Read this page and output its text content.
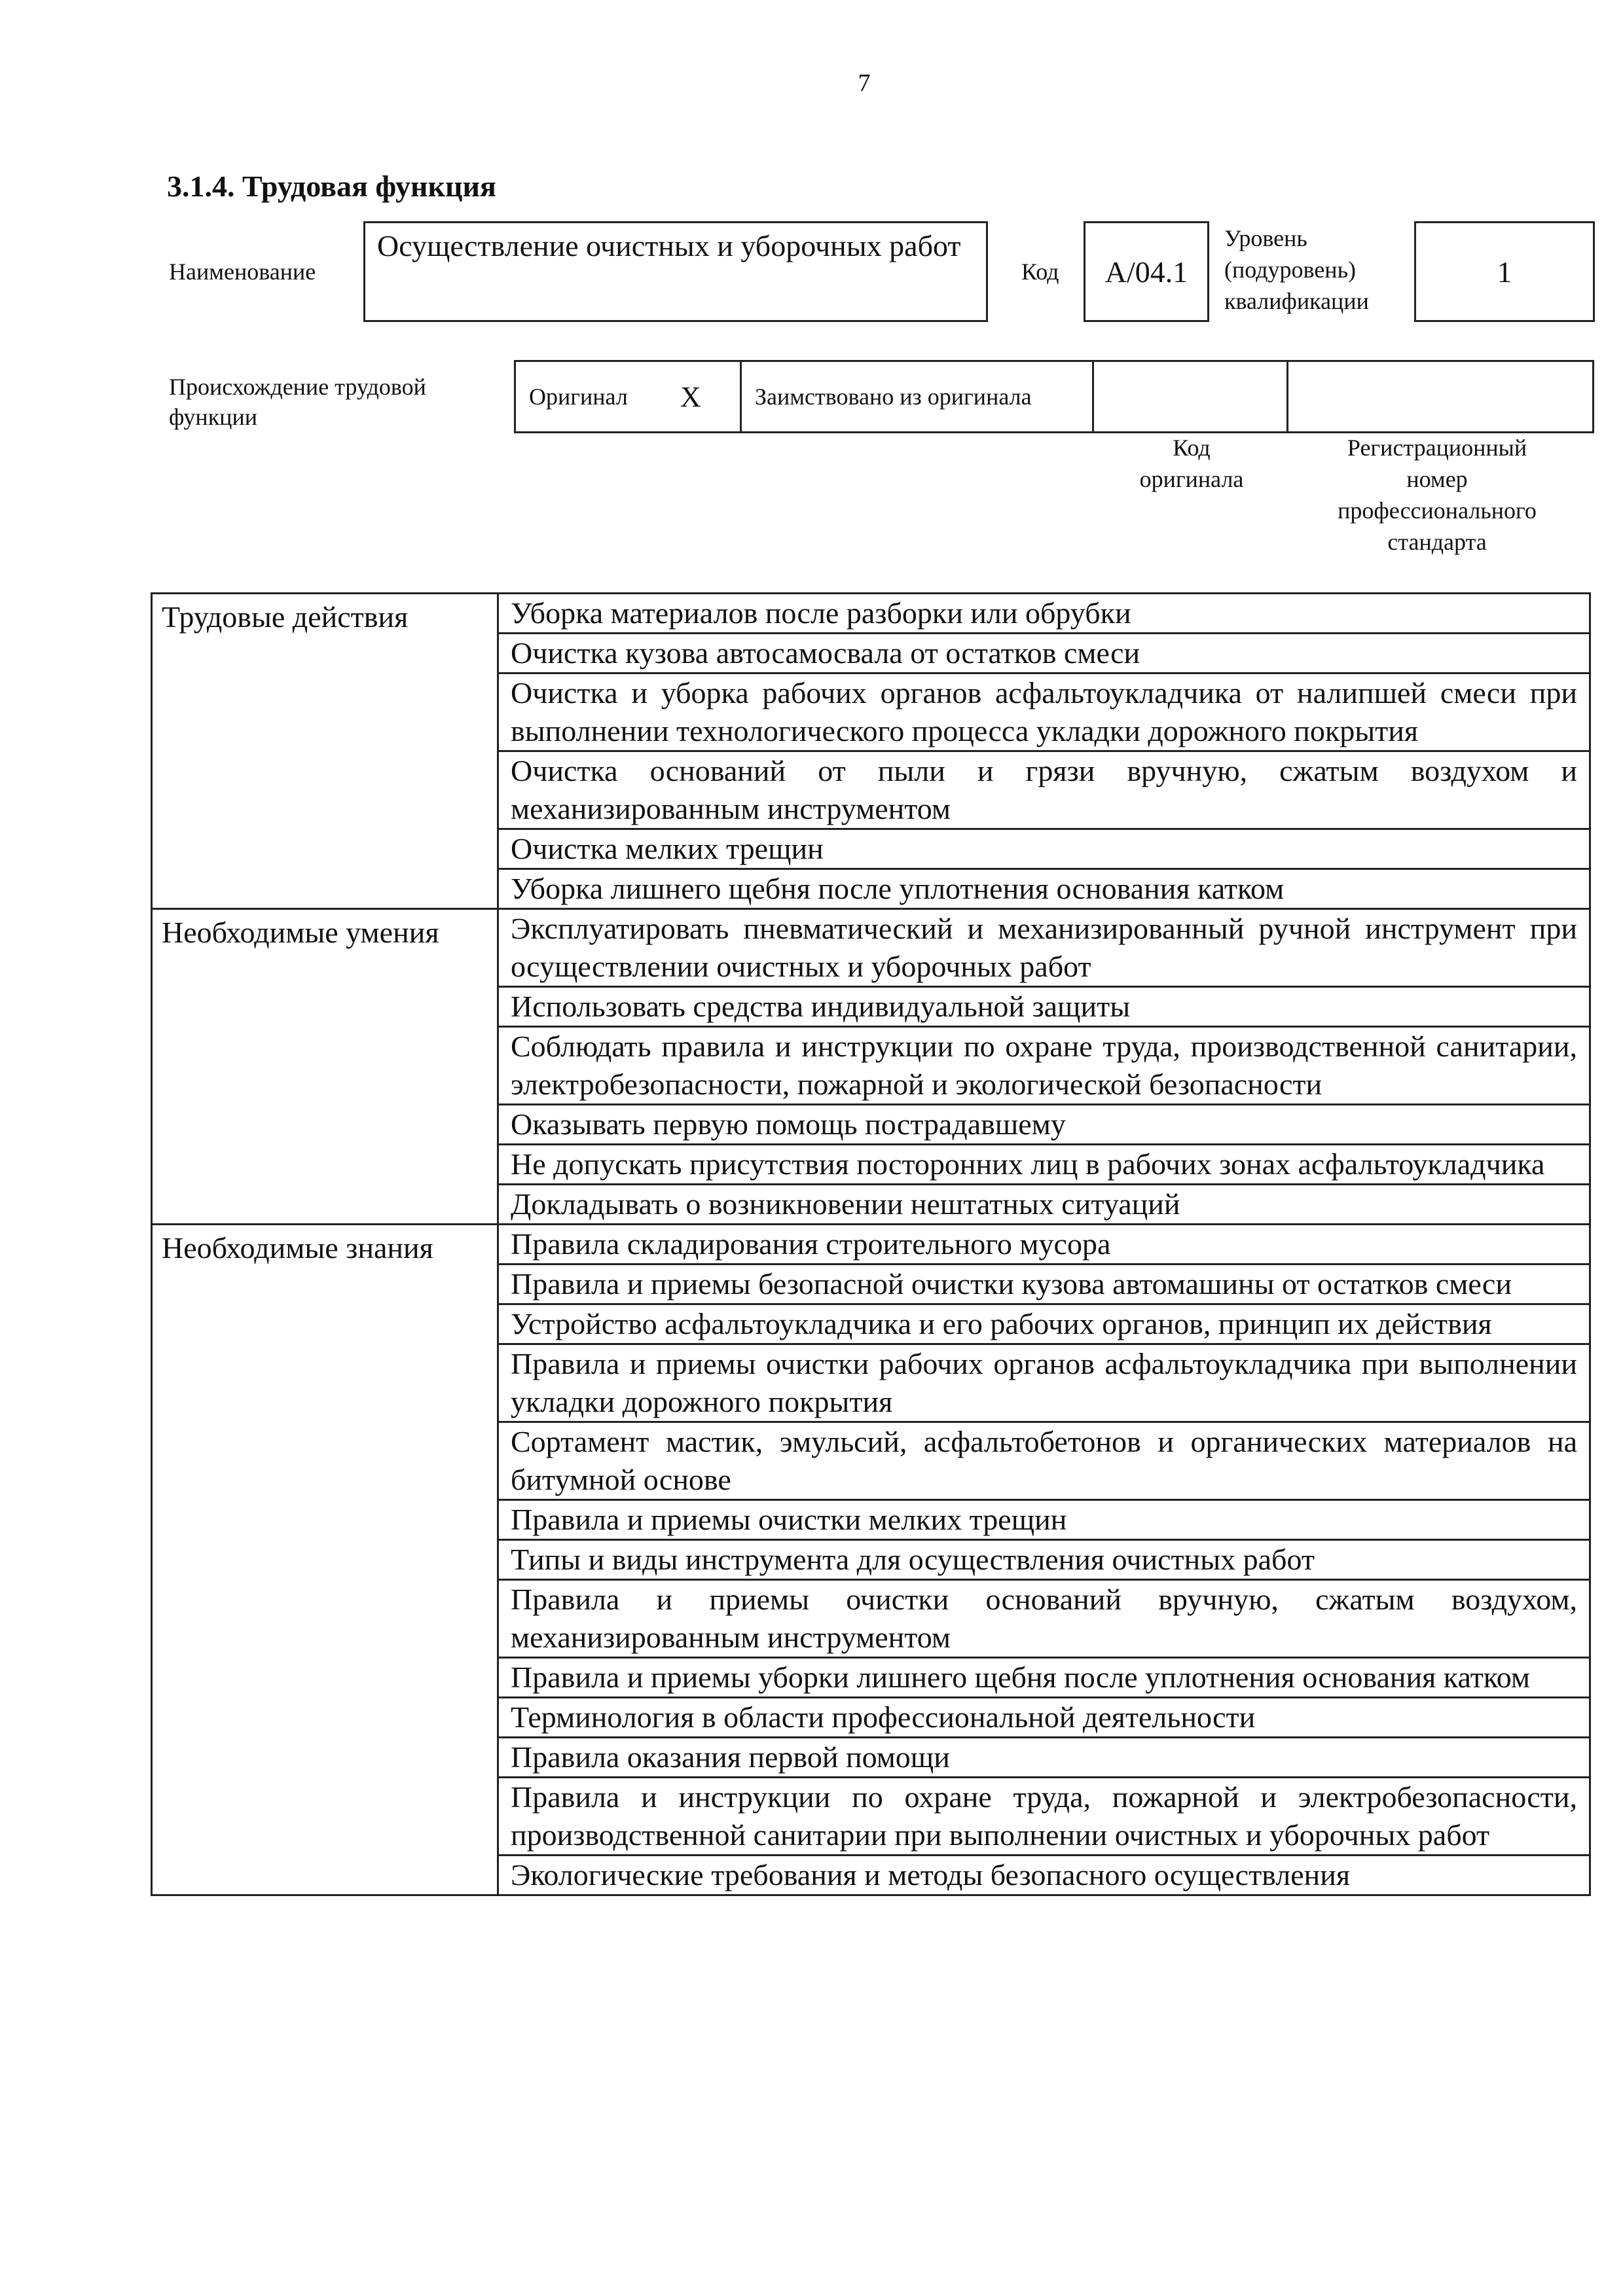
7
3.1.4. Трудовая функция
Наименование
Осуществление очистных и уборочных работ
Код	A/04.1
Уровень
(подуровень)
квалификации
1
Происхождение трудовой
функции
Оригинал X	Заимствовано из оригинала
Код
оригинала
Регистрационный
номер
профессионального
стандарта
Трудовые действия	Уборка материалов после разборки или обрубки
	Очистка кузова автосамосвала от остатков смеси
	Очистка и уборка рабочих органов асфальтоукладчика от налипшей смеси при выполнении технологического процесса укладки дорожного покрытия
	Очистка оснований от пыли и грязи вручную, сжатым воздухом и механизированным инструментом
	Очистка мелких трещин
	Уборка лишнего щебня после уплотнения основания катком
Необходимые умения	Эксплуатировать пневматический и механизированный ручной инструмент при осуществлении очистных и уборочных работ
	Использовать средства индивидуальной защиты
	Соблюдать правила и инструкции по охране труда, производственной санитарии, электробезопасности, пожарной и экологической безопасности
	Оказывать первую помощь пострадавшему
	Не допускать присутствия посторонних лиц в рабочих зонах асфальтоукладчика
	Докладывать о возникновении нештатных ситуаций
Необходимые знания	Правила складирования строительного мусора
	Правила и приемы безопасной очистки кузова автомашины от остатков смеси
	Устройство асфальтоукладчика и его рабочих органов, принцип их действия
	Правила и приемы очистки рабочих органов асфальтоукладчика при выполнении укладки дорожного покрытия
	Сортамент мастик, эмульсий, асфальтобетонов и органических материалов на битумной основе
	Правила и приемы очистки мелких трещин
	Типы и виды инструмента для осуществления очистных работ
	Правила и приемы очистки оснований вручную, сжатым воздухом, механизированным инструментом
	Правила и приемы уборки лишнего щебня после уплотнения основания катком
	Терминология в области профессиональной деятельности
	Правила оказания первой помощи
	Правила и инструкции по охране труда, пожарной и электробезопасности, производственной санитарии при выполнении очистных и уборочных работ
	Экологические требования и методы безопасного осуществления
